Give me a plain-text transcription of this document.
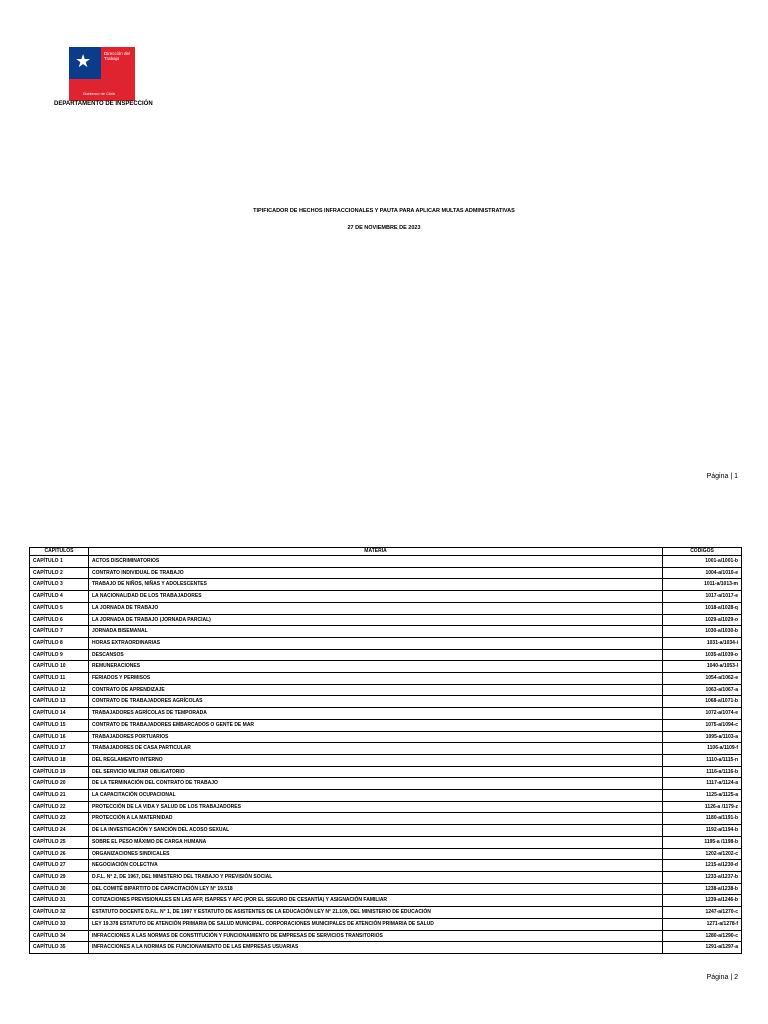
★	Dirección del Trabajo
Gobierno de Chile
DEPARTAMENTO DE INSPECCIÓN
TIPIFICADOR DE HECHOS INFRACCIONALES Y PAUTA PARA APLICAR MULTAS ADMINISTRATIVAS
27 DE NOVIEMBRE DE 2023
Página | 1
CAPÍTULOS	MATERIA	CÓDIGOS
CAPÍTULO 1	ACTOS DISCRIMINATORIOS	1001-a/1001-b
CAPÍTULO 2	CONTRATO INDIVIDUAL DE TRABAJO	1004-a/1010-e
CAPÍTULO 3	TRABAJO DE NIÑOS, NIÑAS Y ADOLESCENTES	1011-a/1013-m
CAPÍTULO 4	LA NACIONALIDAD DE LOS TRABAJADORES	1017-a/1017-e
CAPÍTULO 5	LA JORNADA DE TRABAJO	1018-a/1028-q
CAPÍTULO 6	LA JORNADA DE TRABAJO (JORNADA PARCIAL)	1029-a/1029-o
CAPÍTULO 7	JORNADA BISEMANAL	1030-a/1030-b
CAPÍTULO 8	HORAS EXTRAORDINARIAS	1031-a/1034-i
CAPÍTULO 9	DESCANSOS	1035-a/1039-o
CAPÍTULO 10	REMUNERACIONES	1040-a/1053-l
CAPÍTULO 11	FERIADOS Y PERMISOS	1054-a/1062-e
CAPÍTULO 12	CONTRATO DE APRENDIZAJE	1063-a/1067-a
CAPÍTULO 13	CONTRATO DE TRABAJADORES AGRÍCOLAS	1068-a/1071-b
CAPÍTULO 14	TRABAJADORES AGRÍCOLAS DE TEMPORADA	1072-a/1074-e
CAPÍTULO 15	CONTRATO DE TRABAJADORES EMBARCADOS O GENTE DE MAR	1075-a/1094-c
CAPÍTULO 16	TRABAJADORES PORTUARIOS	1095-a/1103-a
CAPÍTULO 17	TRABAJADORES DE CASA PARTICULAR	1106-a/1109-f
CAPÍTULO 18	DEL REGLAMENTO INTERNO	1110-a/1115-n
CAPÍTULO 19	DEL SERVICIO MILITAR OBLIGATORIO	1116-a/1116-b
CAPÍTULO 20	DE LA TERMINACIÓN DEL CONTRATO DE TRABAJO	1117-a/1124-a
CAPÍTULO 21	LA CAPACITACIÓN OCUPACIONAL	1125-a/1125-a
CAPÍTULO 22	PROTECCIÓN DE LA VIDA Y SALUD DE LOS TRABAJADORES	1126-a /1179-z
CAPÍTULO 23	PROTECCIÓN A LA MATERNIDAD	1180-a/1191-b
CAPÍTULO 24	DE LA INVESTIGACIÓN Y SANCIÓN DEL ACOSO SEXUAL	1192-a/1194-b
CAPÍTULO 25	SOBRE EL PESO MÁXIMO DE CARGA HUMANA	1195-a /1198-b
CAPÍTULO 26	ORGANIZACIONES SINDICALES	1202-a/1202-c
CAPÍTULO 27	NEGOCIACIÓN COLECTIVA	1215-a/1230-d
CAPÍTULO 29	D.F.L. N° 2, DE 1967, DEL MINISTERIO DEL TRABAJO Y PREVISIÓN SOCIAL	1233-a/1237-b
CAPÍTULO 30	DEL COMITÉ BIPARTITO DE CAPACITACIÓN LEY N° 19.518	1238-a/1238-b
CAPÍTULO 31	COTIZACIONES PREVISIONALES EN LAS AFP, ISAPRES Y AFC (POR EL SEGURO DE CESANTÍA) Y ASIGNACIÓN FAMILIAR	1239-a/1246-b
CAPÍTULO 32	ESTATUTO DOCENTE D.F.L. N° 1, DE 1997 Y ESTATUTO DE ASISTENTES DE LA EDUCACIÓN LEY N° 21.109, DEL MINISTERIO DE EDUCACIÓN	1247-a/1270-c
CAPÍTULO 33	LEY 19.378 ESTATUTO DE ATENCIÓN PRIMARIA DE SALUD MUNICIPAL. CORPORACIONES MUNICIPALES DE ATENCIÓN PRIMARIA DE SALUD	1271-a/1278-f
CAPÍTULO 34	INFRACCIONES A LAS NORMAS DE CONSTITUCIÓN Y FUNCIONAMIENTO DE EMPRESAS DE SERVICIOS TRANSITORIOS	1280-a/1290-c
CAPÍTULO 35	INFRACCIONES A LA NORMAS DE FUNCIONAMIENTO DE LAS EMPRESAS USUARIAS	1291-a/1297-a
Página | 2
